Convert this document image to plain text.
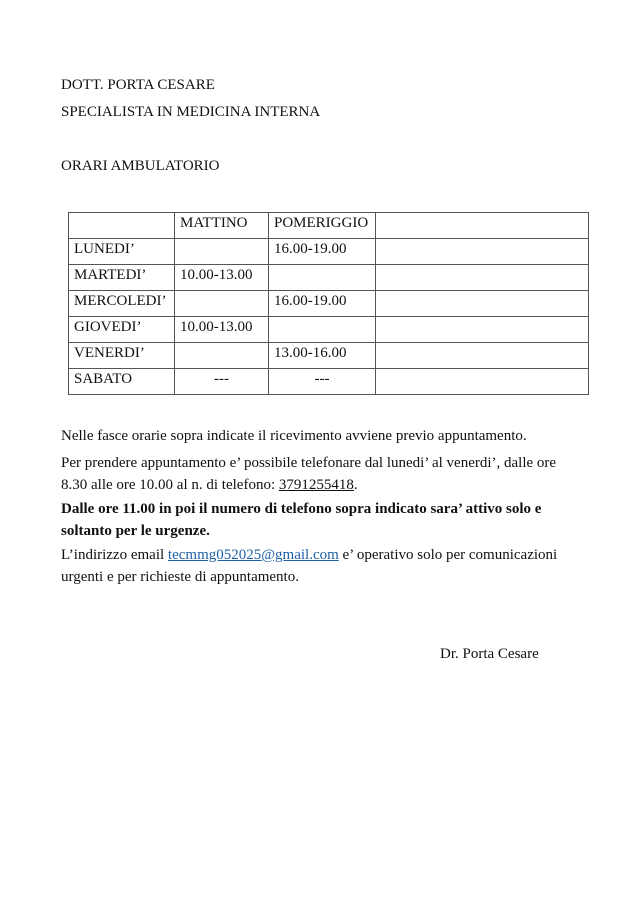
DOTT. PORTA CESARE
SPECIALISTA IN MEDICINA INTERNA
ORARI AMBULATORIO
	MATTINO	POMERIGGIO	
LUNEDI’		16.00-19.00	
MARTEDI’	10.00-13.00		
MERCOLEDI’		16.00-19.00	
GIOVEDI’	10.00-13.00		
VENERDI’		13.00-16.00	
SABATO	---	---	
Nelle fasce orarie sopra indicate il ricevimento avviene previo appuntamento.
Per prendere appuntamento e’ possibile telefonare dal lunedi’ al venerdi’, dalle ore
8.30 alle ore 10.00 al n. di telefono: 3791255418.
Dalle ore 11.00 in poi il numero di telefono sopra indicato sara’ attivo solo e
soltanto per le urgenze.
L’indirizzo email tecmmg052025@gmail.com e’ operativo solo per comunicazioni
urgenti e per richieste di appuntamento.
Dr. Porta Cesare
